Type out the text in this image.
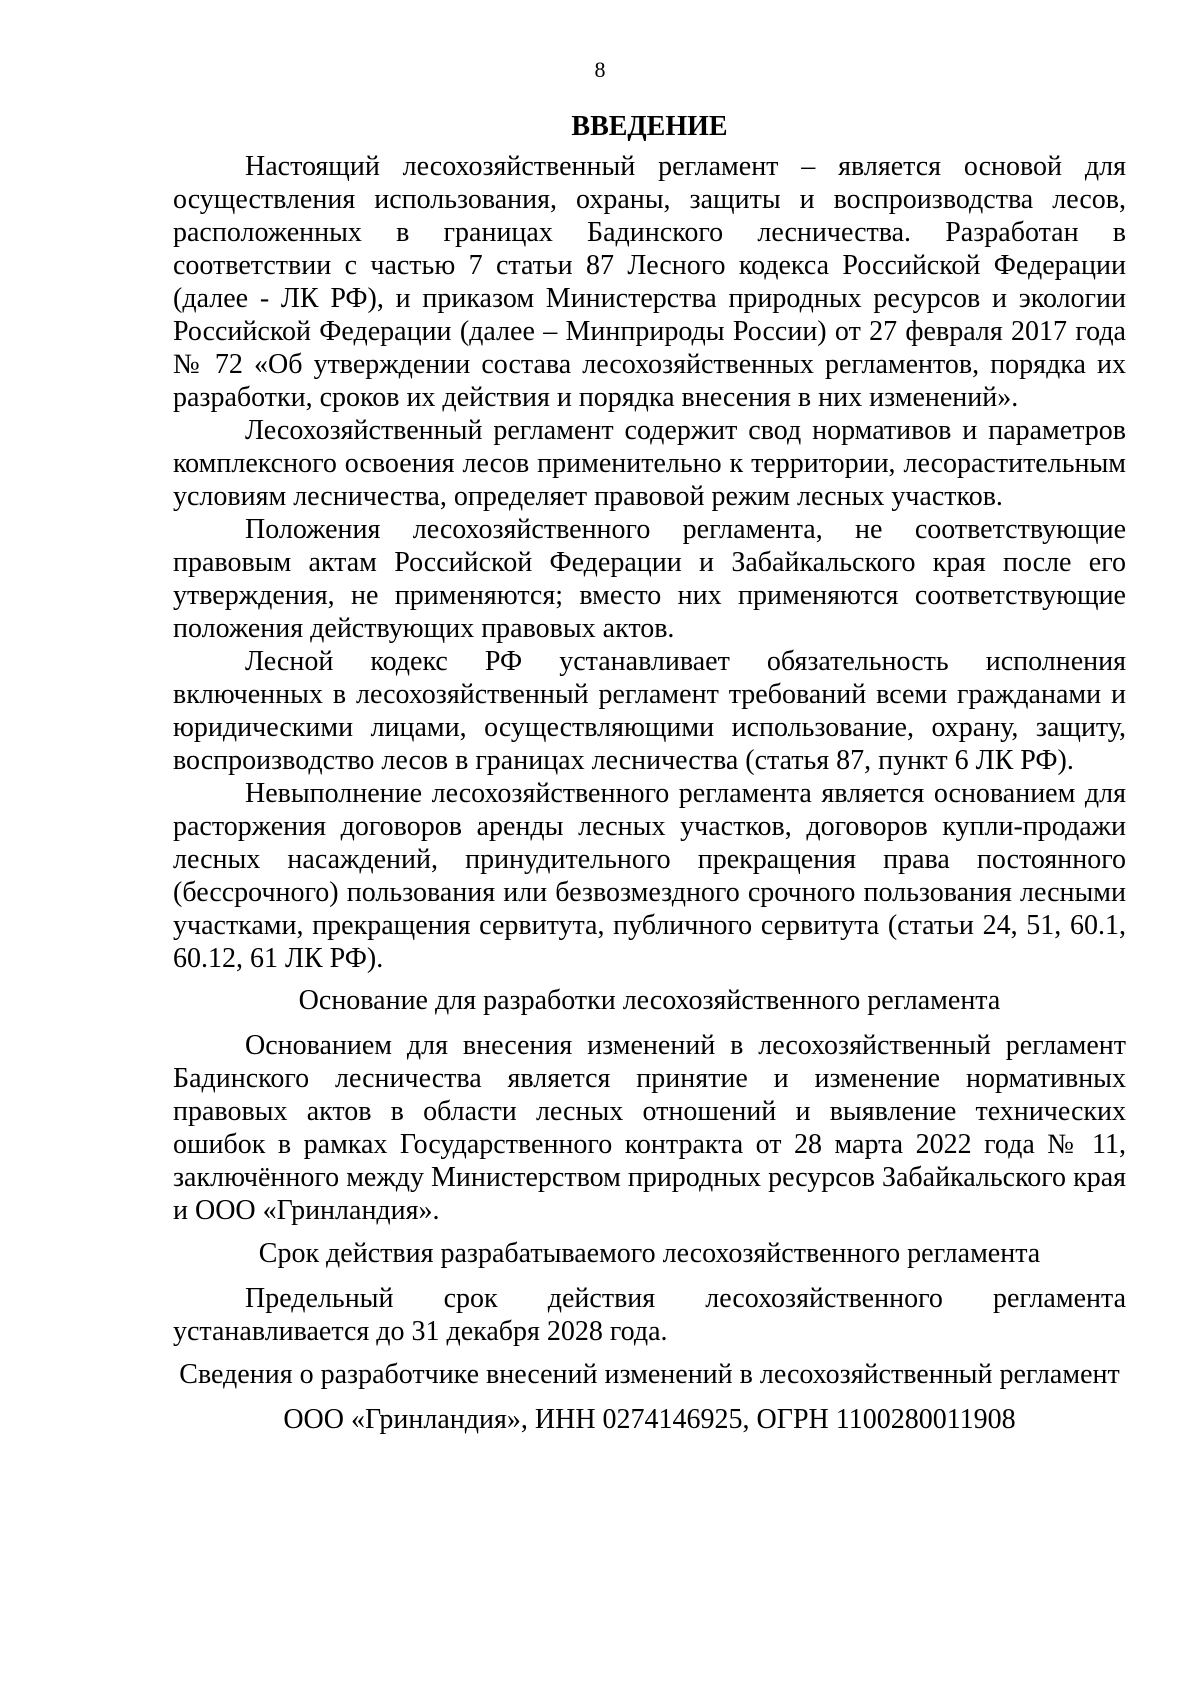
8
ВВЕДЕНИЕ

Настоящий лесохозяйственный регламент – является основой для осуществления использования, охраны, защиты и воспроизводства лесов, расположенных в границах Бадинского лесничества. Разработан в соответствии с частью 7 статьи 87 Лесного кодекса Российской Федерации (далее - ЛК РФ), и приказом Министерства природных ресурсов и экологии Российской Федерации (далее – Минприроды России) от 27 февраля 2017 года № 72 «Об утверждении состава лесохозяйственных регламентов, порядка их разработки, сроков их действия и порядка внесения в них изменений».

Лесохозяйственный регламент содержит свод нормативов и параметров комплексного освоения лесов применительно к территории, лесорастительным условиям лесничества, определяет правовой режим лесных участков.

Положения лесохозяйственного регламента, не соответствующие правовым актам Российской Федерации и Забайкальского края после его утверждения, не применяются; вместо них применяются соответствующие положения действующих правовых актов.

Лесной кодекс РФ устанавливает обязательность исполнения включенных в лесохозяйственный регламент требований всеми гражданами и юридическими лицами, осуществляющими использование, охрану, защиту, воспроизводство лесов в границах лесничества (статья 87, пункт 6 ЛК РФ).

Невыполнение лесохозяйственного регламента является основанием для расторжения договоров аренды лесных участков, договоров купли-продажи лесных насаждений, принудительного прекращения права постоянного (бессрочного) пользования или безвозмездного срочного пользования лесными участками, прекращения сервитута, публичного сервитута (статьи 24, 51, 60.1, 60.12, 61 ЛК РФ).

Основание для разработки лесохозяйственного регламента

Основанием для внесения изменений в лесохозяйственный регламент Бадинского лесничества является принятие и изменение нормативных правовых актов в области лесных отношений и выявление технических ошибок в рамках Государственного контракта от 28 марта 2022 года № 11, заключённого между Министерством природных ресурсов Забайкальского края и ООО «Гринландия».

Срок действия разрабатываемого лесохозяйственного регламента

Предельный срок действия лесохозяйственного регламента устанавливается до 31 декабря 2028 года.

Сведения о разработчике внесений изменений в лесохозяйственный регламент
ООО «Гринландия», ИНН 0274146925, ОГРН 1100280011908
